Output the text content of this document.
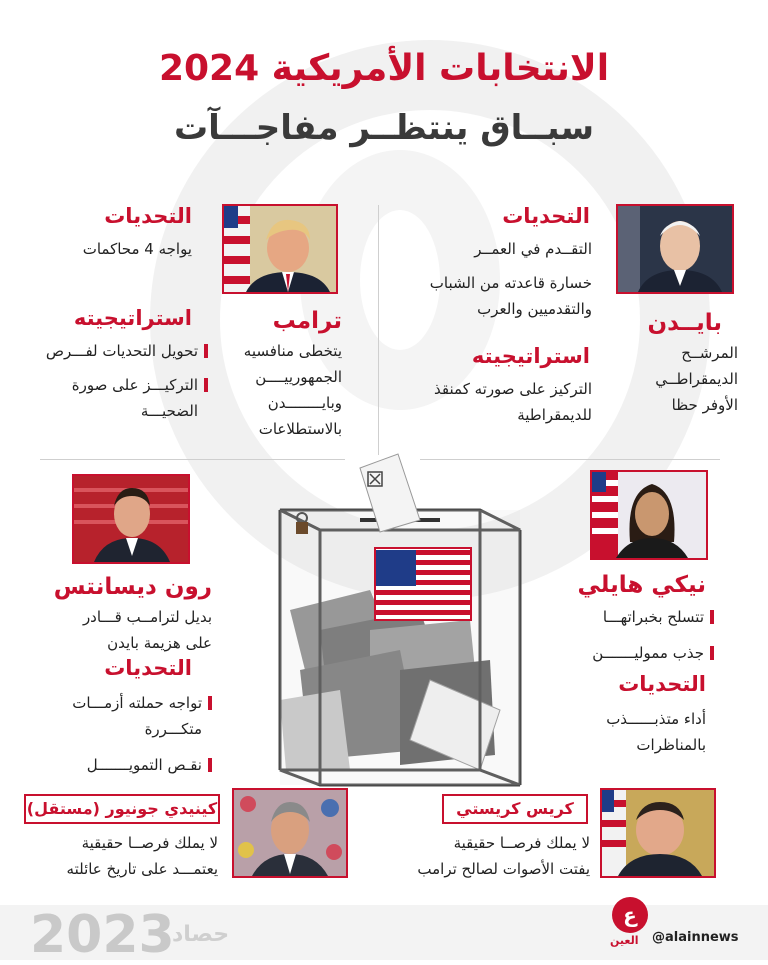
الانتخابات الأمريكية 2024
سبــاق ينتظــر مفاجـــآت
بايــدن
المرشــح
الديمقراطــي
الأوفر حظا
التحديات
التقــدم في العمــر
خسارة قاعدته من الشباب
والتقدميين والعرب
استراتيجيته
التركيز على صورته كمنقذ
للديمقراطية
ترامب
يتخطى منافسيه
الجمهورييــــن
وبايــــــــدن
بالاستطلاعات
التحديات
يواجه 4 محاكمات
استراتيجيته
تحويل التحديات لفـــرص
التركيـــز على صورة
الضحيـــة
نيكي هايلي
تتسلح بخبراتهـــا
جذب مموليـــــــن
التحديات
أداء متذبــــــذب
بالمناظرات
رون ديسانتس
بديل لترامــب قـــادر
على هزيمة بايدن
التحديات
تواجه حملته أزمـــات
متكـــررة
نقـص التمويـــــــل
كريس كريستي
لا يملك فرصــا حقيقية
يفتت الأصوات لصالح ترامب
كينيدي جونيور (مستقل)
لا يملك فرصــا حقيقية
يعتمـــد على تاريخ عائلته
2023
حصاد
ع
العين @alainnews
